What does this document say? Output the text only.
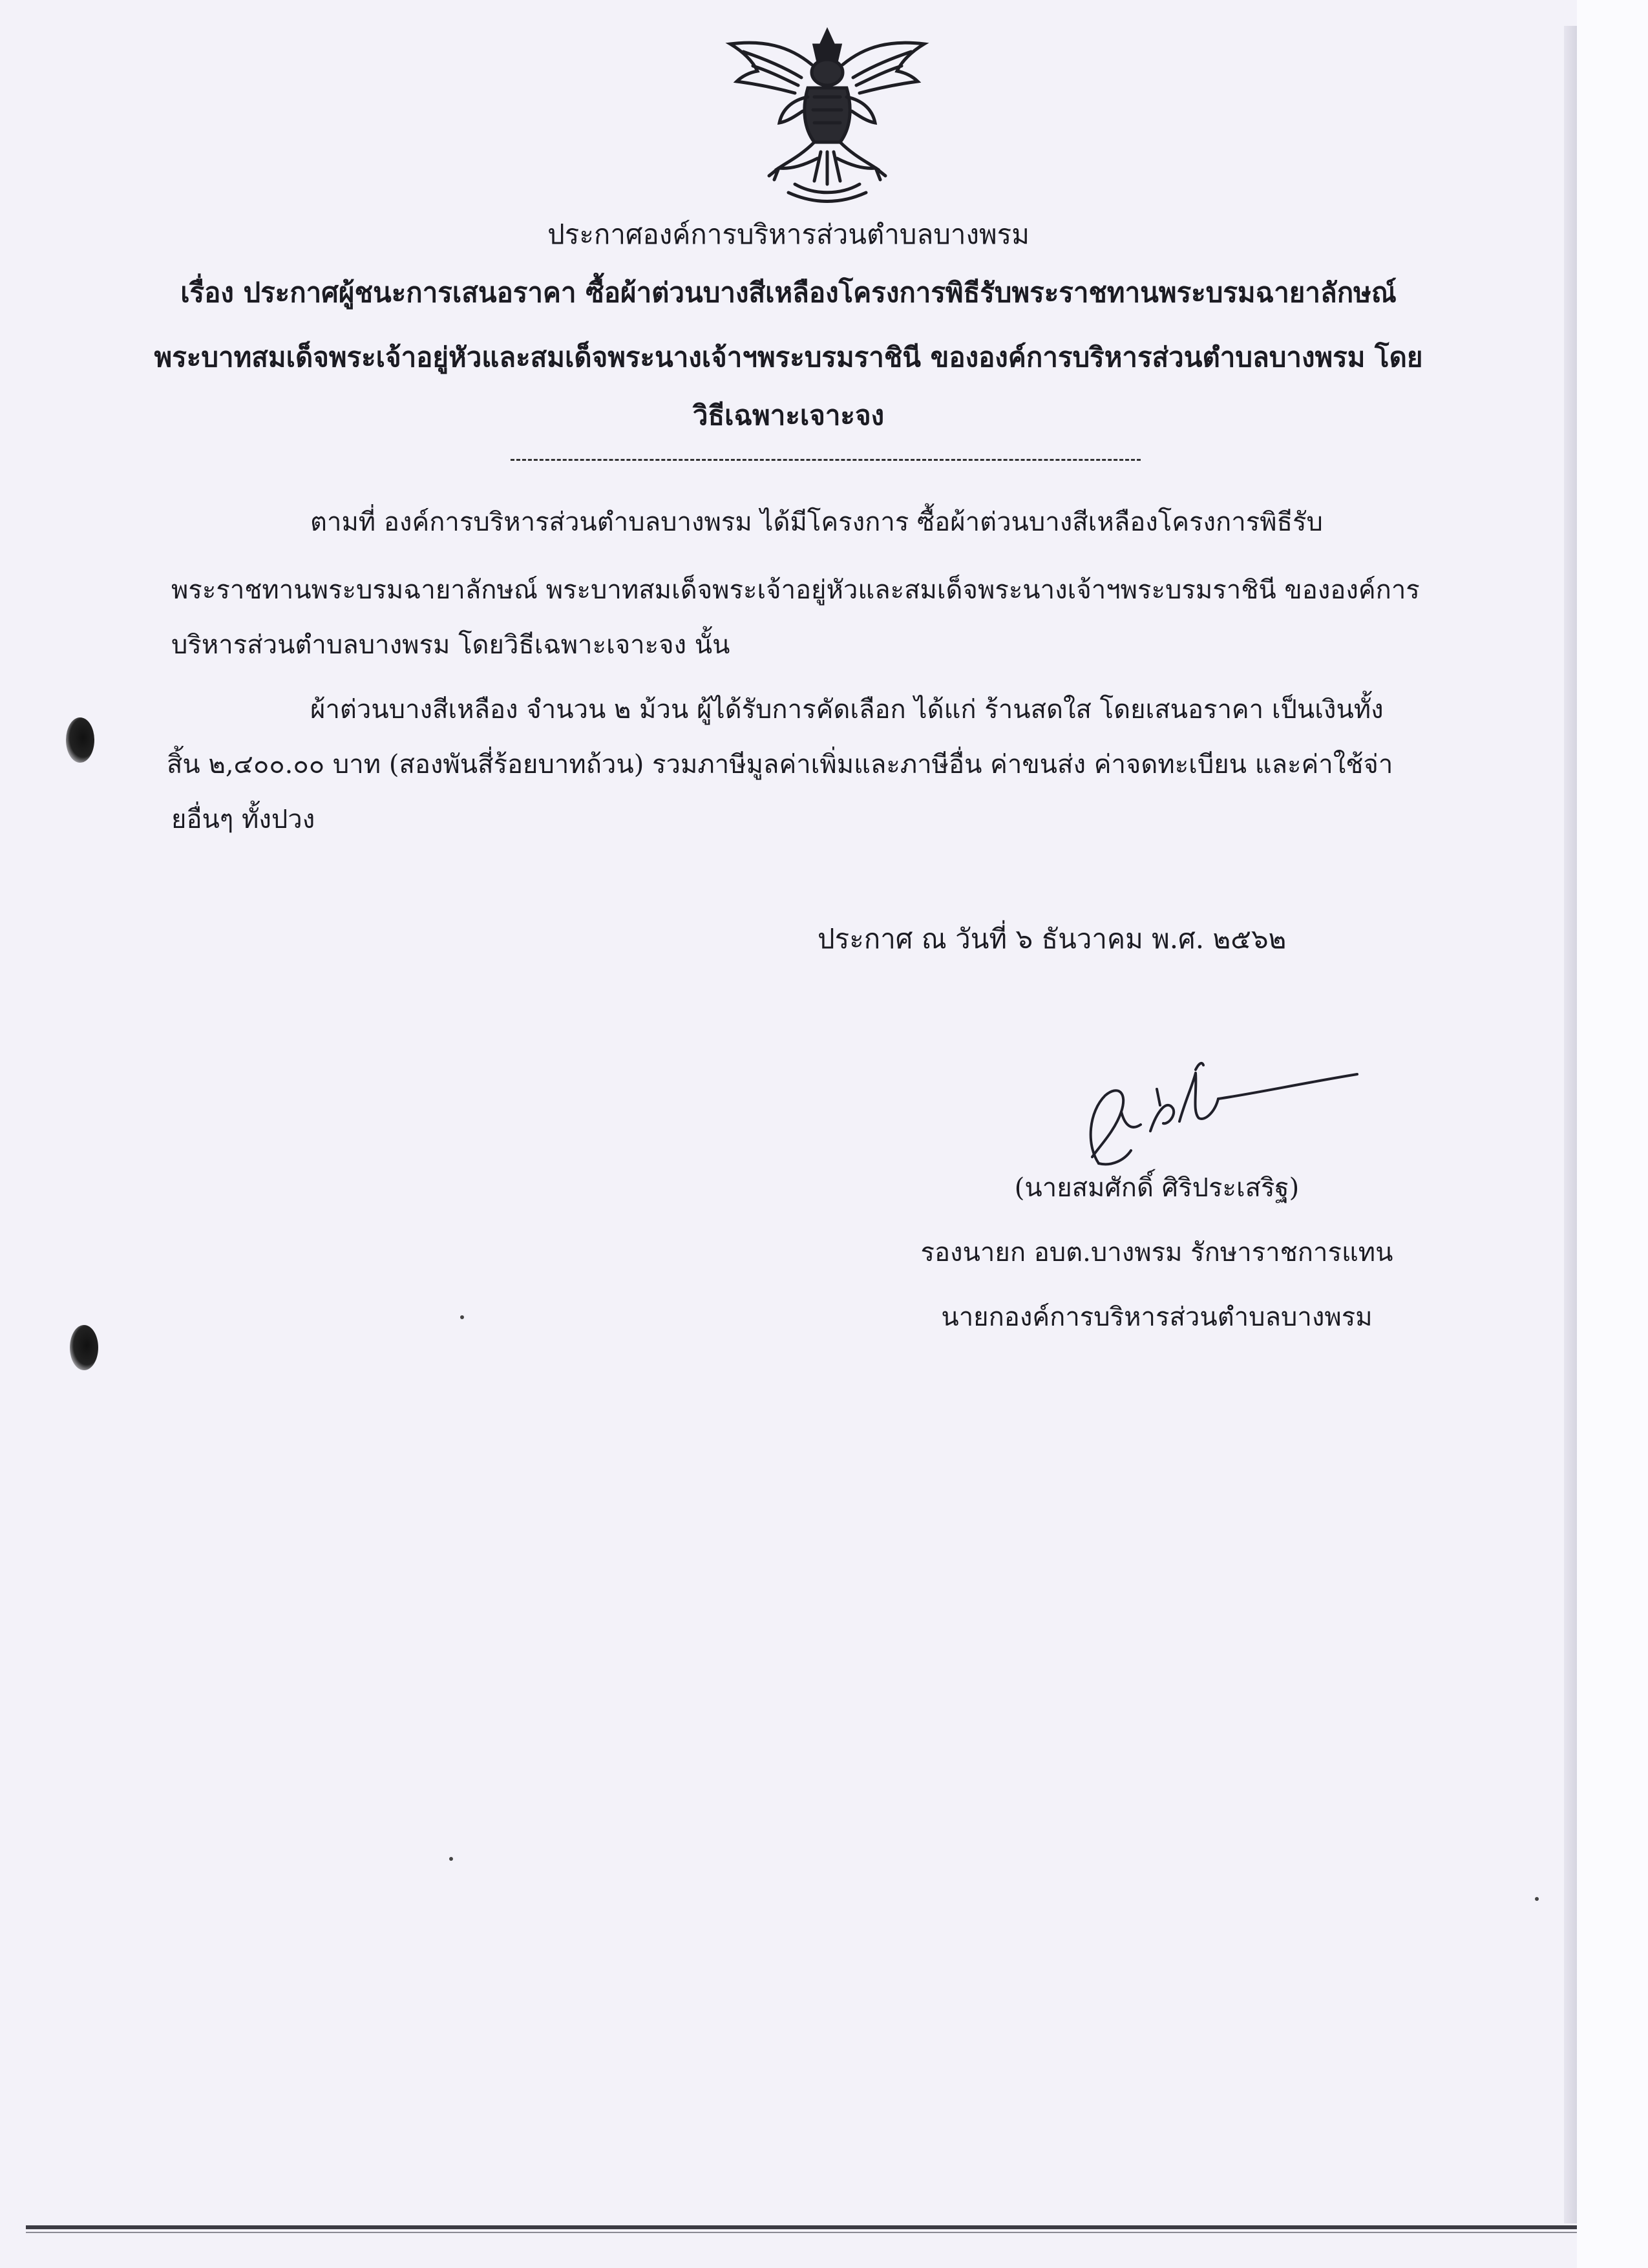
ประกาศองค์การบริหารส่วนตำบลบางพรม
เรื่อง ประกาศผู้ชนะการเสนอราคา ซื้อผ้าต่วนบางสีเหลืองโครงการพิธีรับพระราชทานพระบรมฉายาลักษณ์
พระบาทสมเด็จพระเจ้าอยู่หัวและสมเด็จพระนางเจ้าฯพระบรมราชินี ขององค์การบริหารส่วนตำบลบางพรม โดย
วิธีเฉพาะเจาะจง
ตามที่ องค์การบริหารส่วนตำบลบางพรม ได้มีโครงการ ซื้อผ้าต่วนบางสีเหลืองโครงการพิธีรับ
พระราชทานพระบรมฉายาลักษณ์ พระบาทสมเด็จพระเจ้าอยู่หัวและสมเด็จพระนางเจ้าฯพระบรมราชินี ขององค์การ
บริหารส่วนตำบลบางพรม โดยวิธีเฉพาะเจาะจง นั้น
ผ้าต่วนบางสีเหลือง จำนวน ๒ ม้วน ผู้ได้รับการคัดเลือก ได้แก่ ร้านสดใส โดยเสนอราคา เป็นเงินทั้ง
สิ้น ๒,๔๐๐.๐๐ บาท (สองพันสี่ร้อยบาทถ้วน) รวมภาษีมูลค่าเพิ่มและภาษีอื่น ค่าขนส่ง ค่าจดทะเบียน และค่าใช้จ่า
ยอื่นๆ ทั้งปวง
ประกาศ ณ วันที่ ๖ ธันวาคม พ.ศ. ๒๕๖๒
(นายสมศักดิ์ ศิริประเสริฐ)
รองนายก อบต.บางพรม รักษาราชการแทน
นายกองค์การบริหารส่วนตำบลบางพรม
